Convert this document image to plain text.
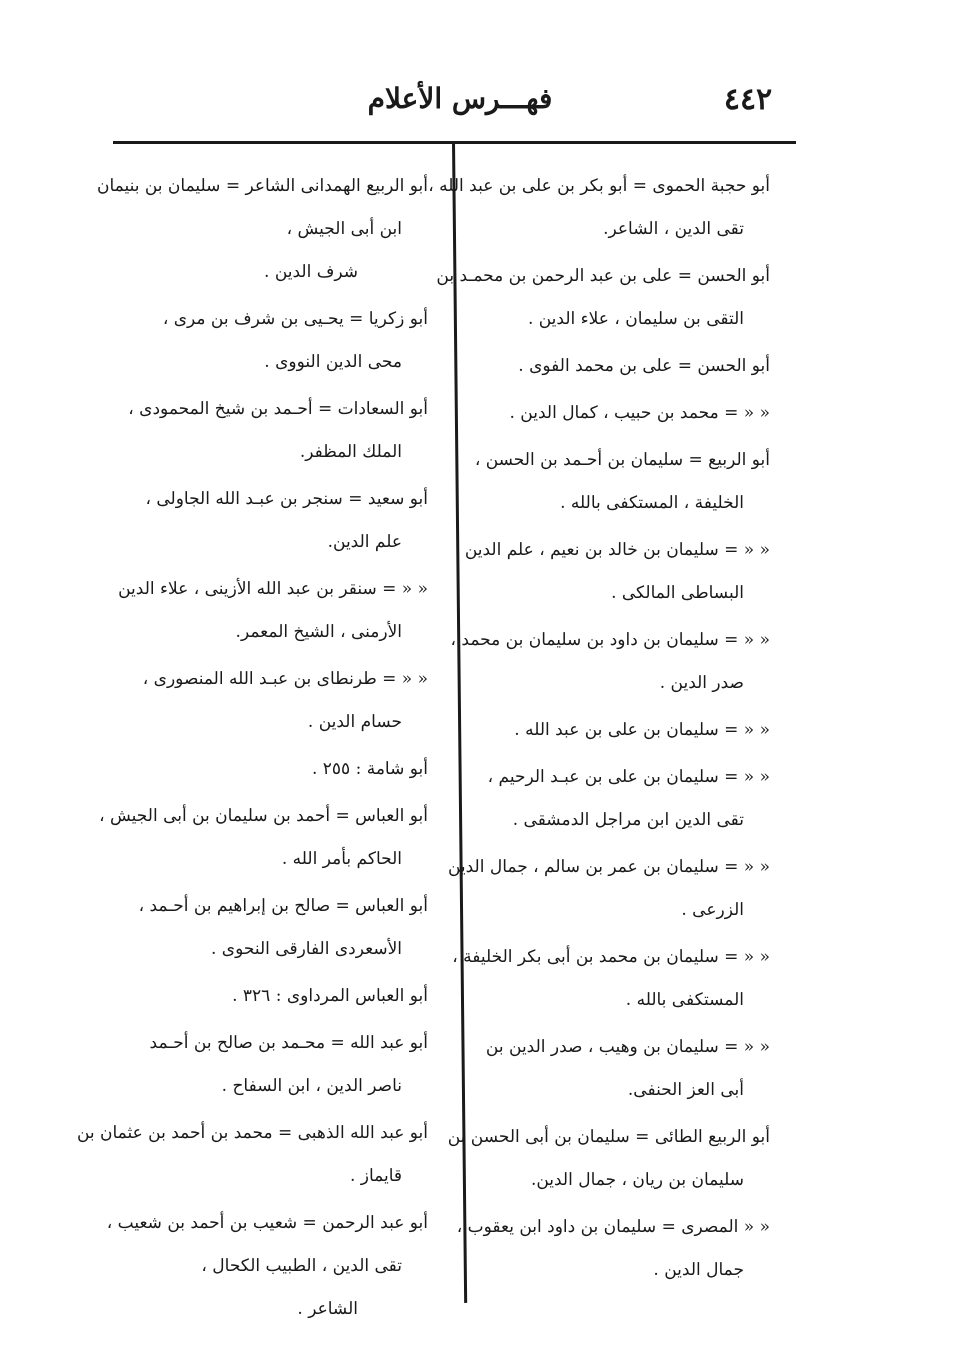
٤٤٢
فهـــرس الأعلام
أبو حجبة الحموى = أبو بكر بن على بن عبد الله ،
تقى الدين ، الشاعر.
أبو الحسن = على بن عبد الرحمن بن محمـد بن
التقى بن سليمان ، علاء الدين .
أبو الحسن = على بن محمد الفوى .
« « = محمد بن حبيب ، كمال الدين .
أبو الربيع = سليمان بن أحـمد بن الحسن ،
الخليفة ، المستكفى بالله .
« « = سليمان بن خالد بن نعيم ، علم الدين
البساطى المالكى .
« « = سليمان بن داود بن سليمان بن محمد ،
صدر الدين .
« « = سليمان بن على بن عبد الله .
« « = سليمان بن على بن عبـد الرحيم ،
تقى الدين ابن مراجل الدمشقى .
« « = سليمان بن عمر بن سالم ، جمال الدين
الزرعى .
« « = سليمان بن محمد بن أبى بكر الخليفة ،
المستكفى بالله .
« « = سليمان بن وهيب ، صدر الدين بن
أبى العز الحنفى.
أبو الربيع الطائى = سليمان بن أبى الحسن بن
سليمان بن ريان ، جمال الدين.
« « المصرى = سليمان بن داود ابن يعقوب ،
جمال الدين .
أبو الربيع الهمدانى الشاعر = سليمان بن بنيمان
ابن أبى الجيش ،
شرف الدين .
أبو زكريا = يحـيى بن شرف بن مرى ،
محى الدين النووى .
أبو السعادات = أحـمد بن شيخ المحمودى ،
الملك المظفر.
أبو سعيد = سنجر بن عبـد الله الجاولى ،
علم الدين.
« « = سنقر بن عبد الله الأزينى ، علاء الدين
الأرمنى ، الشيخ المعمر.
« « = طرنطاى بن عبـد الله المنصورى ،
حسام الدين .
أبو شامة : ٢٥٥ .
أبو العباس = أحمد بن سليمان بن أبى الجيش ،
الحاكم بأمر الله .
أبو العباس = صالح بن إبراهيم بن أحـمد ،
الأسعردى الفارقى النحوى .
أبو العباس المرداوى : ٣٢٦ .
أبو عبد الله = محـمد بن صالح بن أحـمد
ناصر الدين ، ابن السفاح .
أبو عبد الله الذهبى = محمد بن أحمد بن عثمان بن
قايماز .
أبو عبد الرحمن = شعيب بن أحمد بن شعيب ،
تقى الدين ، الطبيب الكحال ،
الشاعر .
